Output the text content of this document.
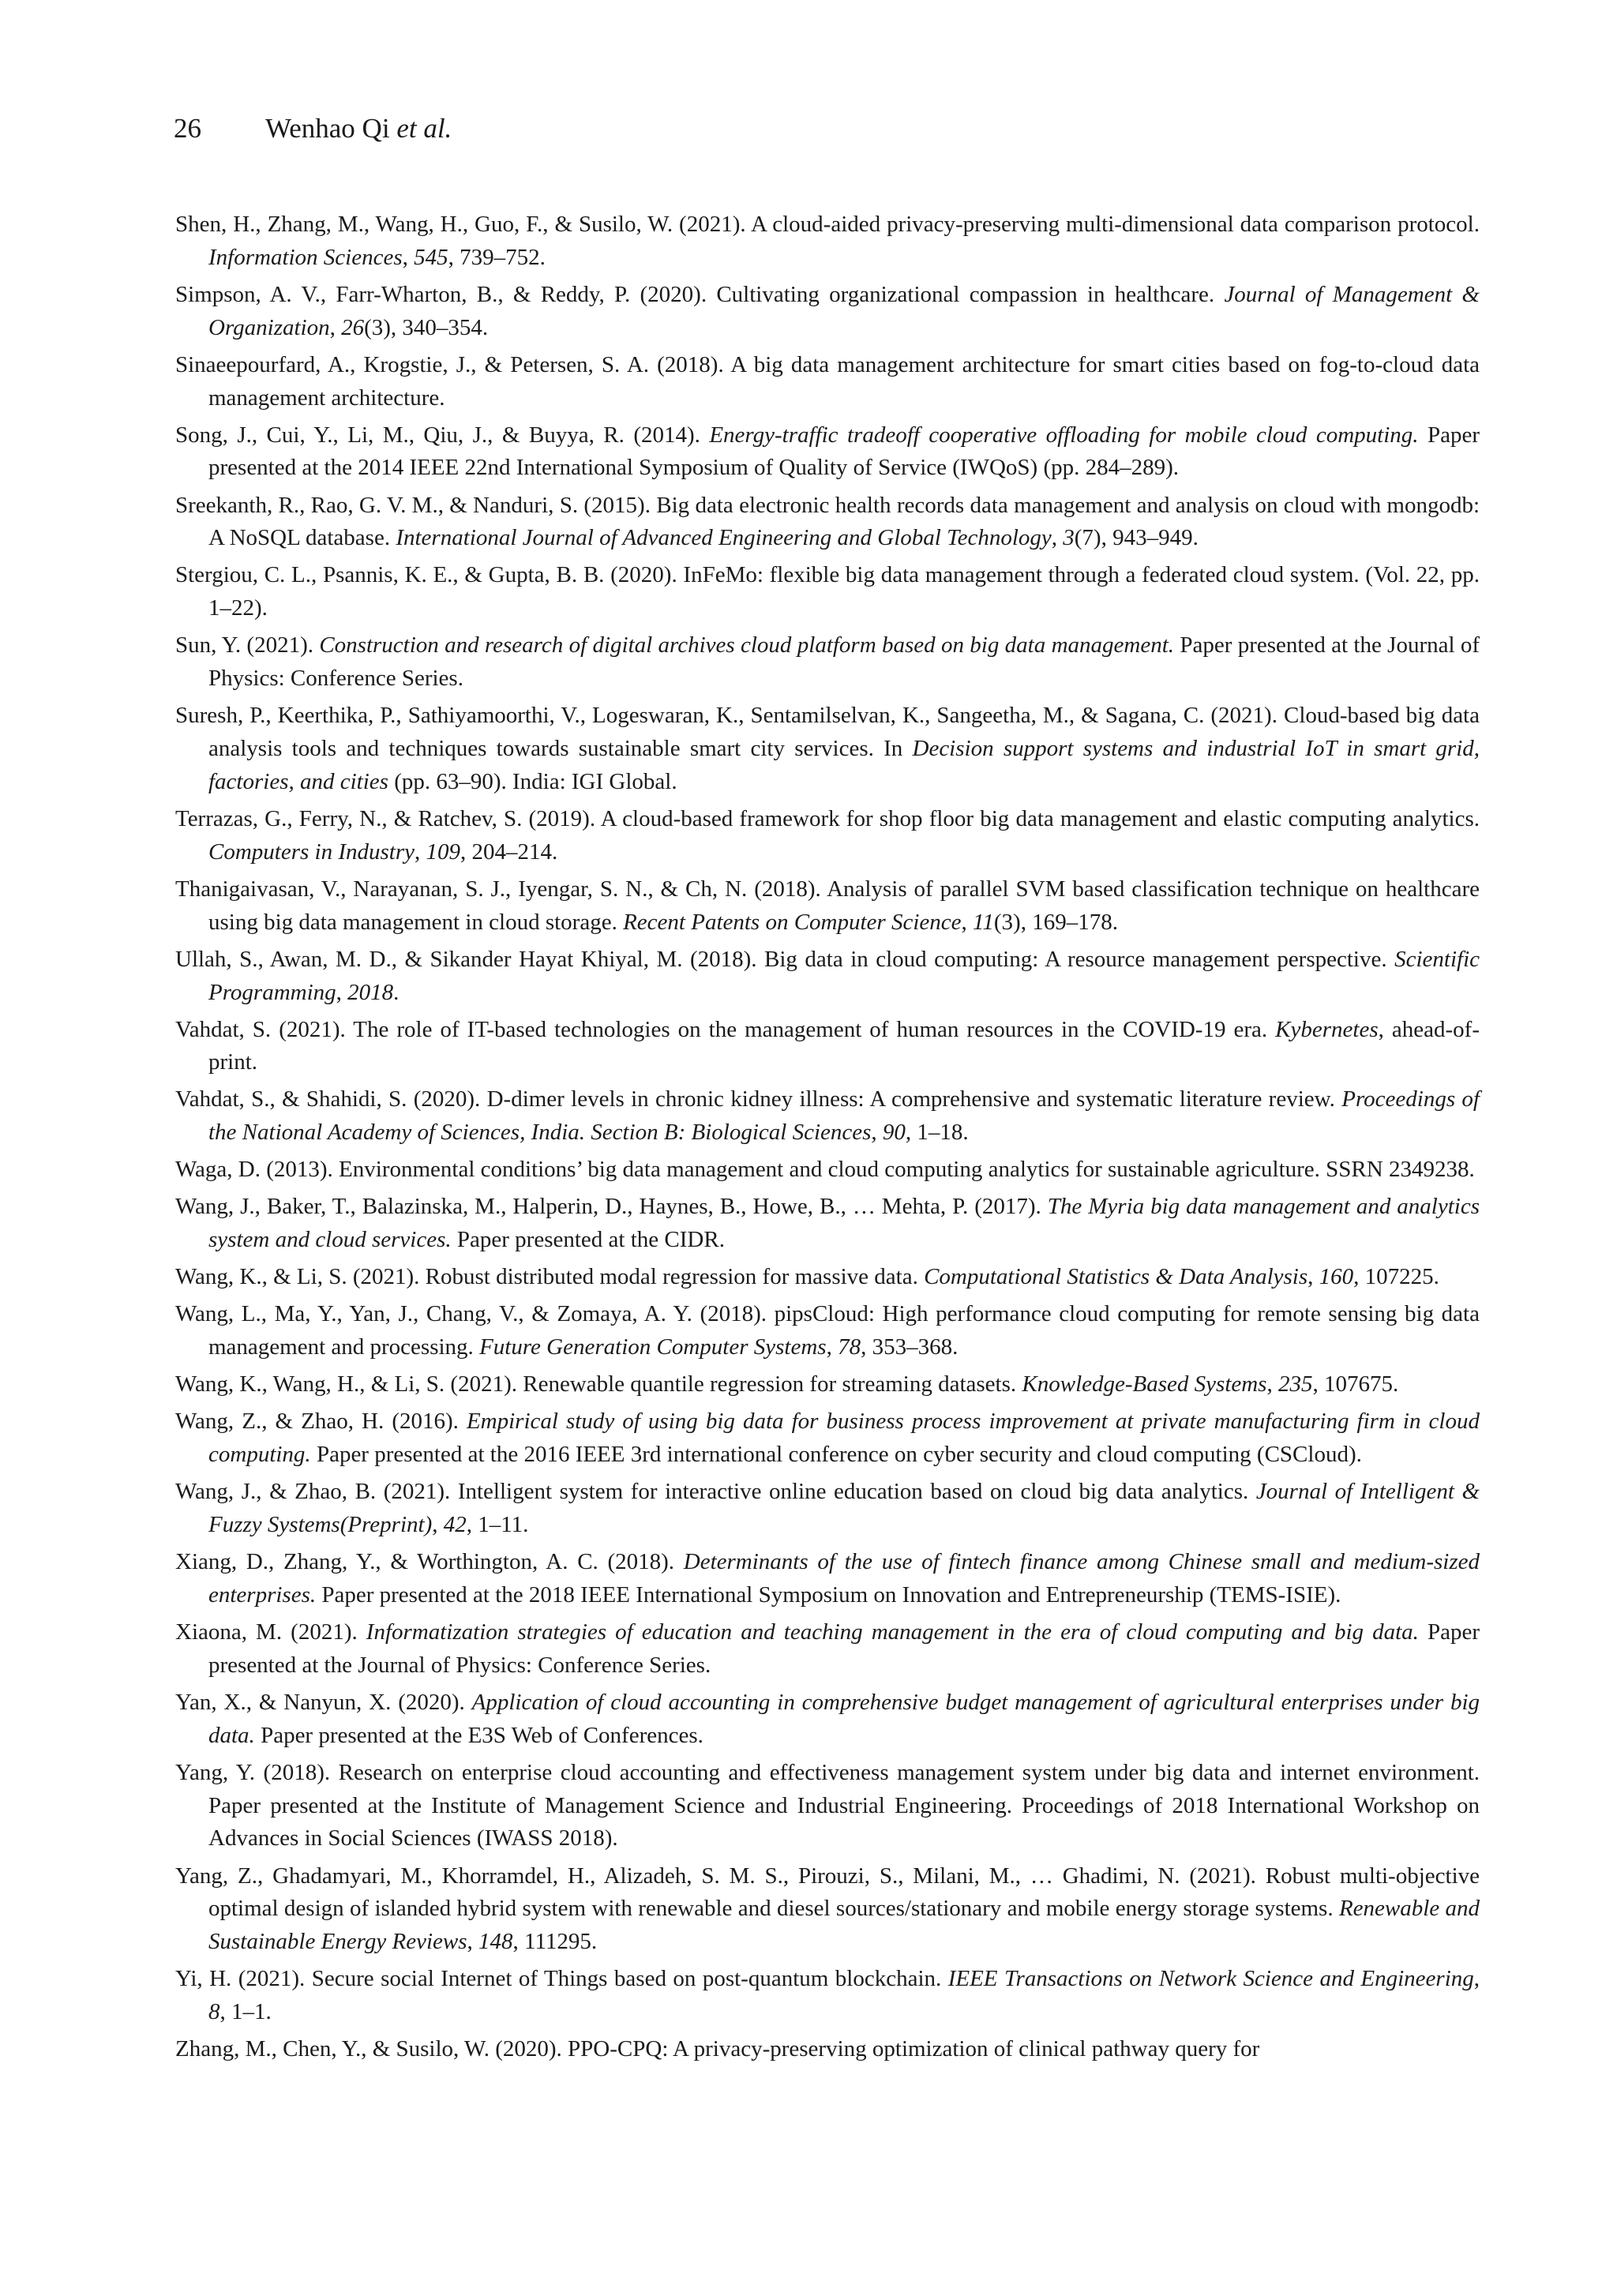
26 Wenhao Qi et al.

Shen, H., Zhang, M., Wang, H., Guo, F., & Susilo, W. (2021). A cloud-aided privacy-preserving multi-dimensional data comparison protocol. Information Sciences, 545, 739–752.

Simpson, A. V., Farr-Wharton, B., & Reddy, P. (2020). Cultivating organizational compassion in healthcare. Journal of Management & Organization, 26(3), 340–354.

Sinaeepourfard, A., Krogstie, J., & Petersen, S. A. (2018). A big data management architecture for smart cities based on fog-to-cloud data management architecture.

Song, J., Cui, Y., Li, M., Qiu, J., & Buyya, R. (2014). Energy-traffic tradeoff cooperative offloading for mobile cloud computing. Paper presented at the 2014 IEEE 22nd International Symposium of Quality of Service (IWQoS) (pp. 284–289).

Sreekanth, R., Rao, G. V. M., & Nanduri, S. (2015). Big data electronic health records data management and analysis on cloud with mongodb: A NoSQL database. International Journal of Advanced Engineering and Global Technology, 3(7), 943–949.

Stergiou, C. L., Psannis, K. E., & Gupta, B. B. (2020). InFeMo: flexible big data management through a federated cloud system. (Vol. 22, pp. 1–22).

Sun, Y. (2021). Construction and research of digital archives cloud platform based on big data management. Paper presented at the Journal of Physics: Conference Series.

Suresh, P., Keerthika, P., Sathiyamoorthi, V., Logeswaran, K., Sentamilselvan, K., Sangeetha, M., & Sagana, C. (2021). Cloud-based big data analysis tools and techniques towards sustainable smart city services. In Decision support systems and industrial IoT in smart grid, factories, and cities (pp. 63–90). India: IGI Global.

Terrazas, G., Ferry, N., & Ratchev, S. (2019). A cloud-based framework for shop floor big data management and elastic computing analytics. Computers in Industry, 109, 204–214.

Thanigaivasan, V., Narayanan, S. J., Iyengar, S. N., & Ch, N. (2018). Analysis of parallel SVM based classification technique on healthcare using big data management in cloud storage. Recent Patents on Computer Science, 11(3), 169–178.

Ullah, S., Awan, M. D., & Sikander Hayat Khiyal, M. (2018). Big data in cloud computing: A resource management perspective. Scientific Programming, 2018.

Vahdat, S. (2021). The role of IT-based technologies on the management of human resources in the COVID-19 era. Kybernetes, ahead-of-print.

Vahdat, S., & Shahidi, S. (2020). D-dimer levels in chronic kidney illness: A comprehensive and systematic literature review. Proceedings of the National Academy of Sciences, India. Section B: Biological Sciences, 90, 1–18.

Waga, D. (2013). Environmental conditions’ big data management and cloud computing analytics for sustainable agriculture. SSRN 2349238.

Wang, J., Baker, T., Balazinska, M., Halperin, D., Haynes, B., Howe, B., … Mehta, P. (2017). The Myria big data management and analytics system and cloud services. Paper presented at the CIDR.

Wang, K., & Li, S. (2021). Robust distributed modal regression for massive data. Computational Statistics & Data Analysis, 160, 107225.

Wang, L., Ma, Y., Yan, J., Chang, V., & Zomaya, A. Y. (2018). pipsCloud: High performance cloud computing for remote sensing big data management and processing. Future Generation Computer Systems, 78, 353–368.

Wang, K., Wang, H., & Li, S. (2021). Renewable quantile regression for streaming datasets. Knowledge-Based Systems, 235, 107675.

Wang, Z., & Zhao, H. (2016). Empirical study of using big data for business process improvement at private manufacturing firm in cloud computing. Paper presented at the 2016 IEEE 3rd international conference on cyber security and cloud computing (CSCloud).

Wang, J., & Zhao, B. (2021). Intelligent system for interactive online education based on cloud big data analytics. Journal of Intelligent & Fuzzy Systems(Preprint), 42, 1–11.

Xiang, D., Zhang, Y., & Worthington, A. C. (2018). Determinants of the use of fintech finance among Chinese small and medium-sized enterprises. Paper presented at the 2018 IEEE International Symposium on Innovation and Entrepreneurship (TEMS-ISIE).

Xiaona, M. (2021). Informatization strategies of education and teaching management in the era of cloud computing and big data. Paper presented at the Journal of Physics: Conference Series.

Yan, X., & Nanyun, X. (2020). Application of cloud accounting in comprehensive budget management of agricultural enterprises under big data. Paper presented at the E3S Web of Conferences.

Yang, Y. (2018). Research on enterprise cloud accounting and effectiveness management system under big data and internet environment. Paper presented at the Institute of Management Science and Industrial Engineering. Proceedings of 2018 International Workshop on Advances in Social Sciences (IWASS 2018).

Yang, Z., Ghadamyari, M., Khorramdel, H., Alizadeh, S. M. S., Pirouzi, S., Milani, M., … Ghadimi, N. (2021). Robust multi-objective optimal design of islanded hybrid system with renewable and diesel sources/stationary and mobile energy storage systems. Renewable and Sustainable Energy Reviews, 148, 111295.

Yi, H. (2021). Secure social Internet of Things based on post-quantum blockchain. IEEE Transactions on Network Science and Engineering, 8, 1–1.

Zhang, M., Chen, Y., & Susilo, W. (2020). PPO-CPQ: A privacy-preserving optimization of clinical pathway query for
